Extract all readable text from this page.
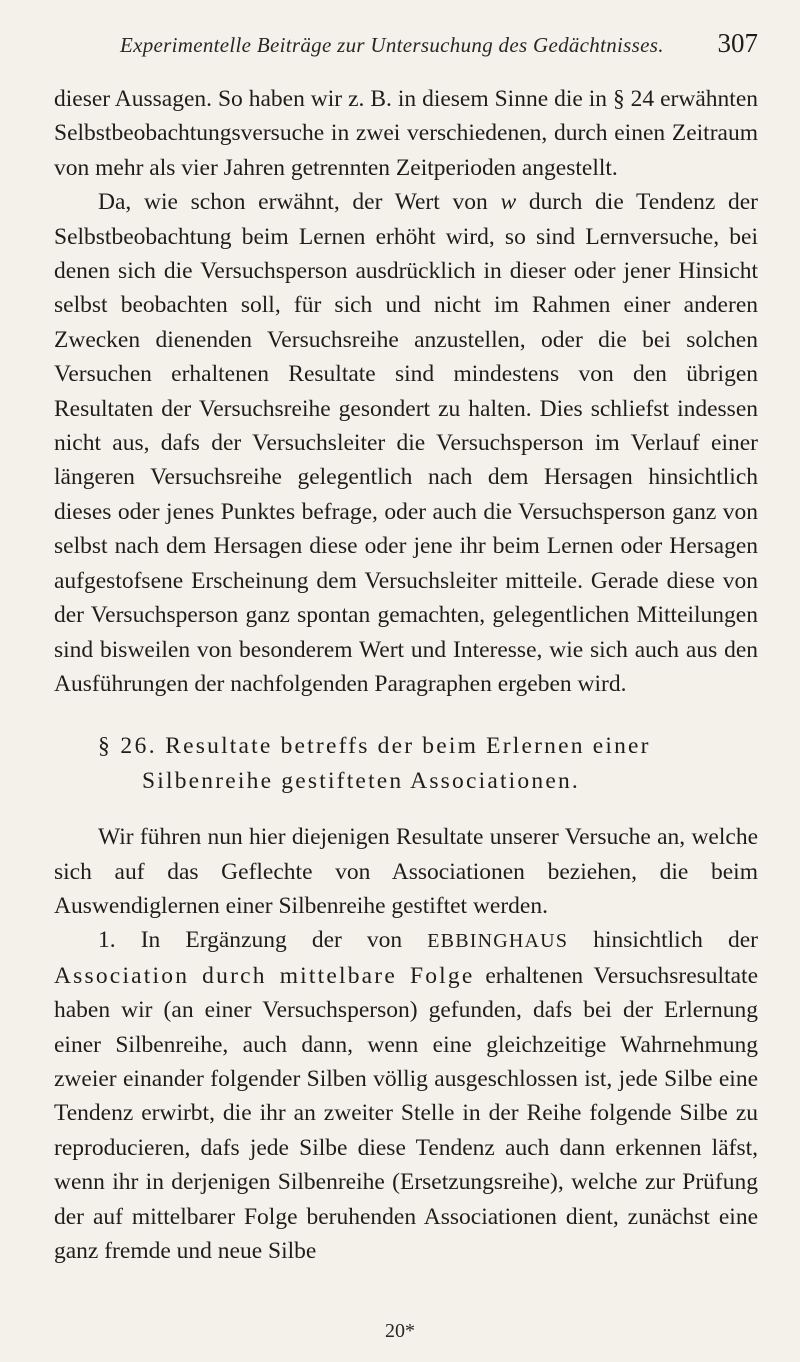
Experimentelle Beiträge zur Untersuchung des Gedächtnisses. 307

dieser Aussagen. So haben wir z. B. in diesem Sinne die in § 24 erwähnten Selbstbeobachtungsversuche in zwei verschiedenen, durch einen Zeitraum von mehr als vier Jahren getrennten Zeitperioden angestellt.

Da, wie schon erwähnt, der Wert von w durch die Tendenz der Selbstbeobachtung beim Lernen erhöht wird, so sind Lernversuche, bei denen sich die Versuchsperson ausdrücklich in dieser oder jener Hinsicht selbst beobachten soll, für sich und nicht im Rahmen einer anderen Zwecken dienenden Versuchsreihe anzustellen, oder die bei solchen Versuchen erhaltenen Resultate sind mindestens von den übrigen Resultaten der Versuchsreihe gesondert zu halten. Dies schliefst indessen nicht aus, dafs der Versuchsleiter die Versuchsperson im Verlauf einer längeren Versuchsreihe gelegentlich nach dem Hersagen hinsichtlich dieses oder jenes Punktes befrage, oder auch die Versuchsperson ganz von selbst nach dem Hersagen diese oder jene ihr beim Lernen oder Hersagen aufgestofsene Erscheinung dem Versuchsleiter mitteile. Gerade diese von der Versuchsperson ganz spontan gemachten, gelegentlichen Mitteilungen sind bisweilen von besonderem Wert und Interesse, wie sich auch aus den Ausführungen der nachfolgenden Paragraphen ergeben wird.

§ 26. Resultate betreffs der beim Erlernen einer
Silbenreihe gestifteten Associationen.

Wir führen nun hier diejenigen Resultate unserer Versuche an, welche sich auf das Geflechte von Associationen beziehen, die beim Auswendiglernen einer Silbenreihe gestiftet werden.

1. In Ergänzung der von EBBINGHAUS hinsichtlich der Association durch mittelbare Folge erhaltenen Versuchsresultate haben wir (an einer Versuchsperson) gefunden, dafs bei der Erlernung einer Silbenreihe, auch dann, wenn eine gleichzeitige Wahrnehmung zweier einander folgender Silben völlig ausgeschlossen ist, jede Silbe eine Tendenz erwirbt, die ihr an zweiter Stelle in der Reihe folgende Silbe zu reproducieren, dafs jede Silbe diese Tendenz auch dann erkennen läfst, wenn ihr in derjenigen Silbenreihe (Ersetzungsreihe), welche zur Prüfung der auf mittelbarer Folge beruhenden Associationen dient, zunächst eine ganz fremde und neue Silbe

20*
